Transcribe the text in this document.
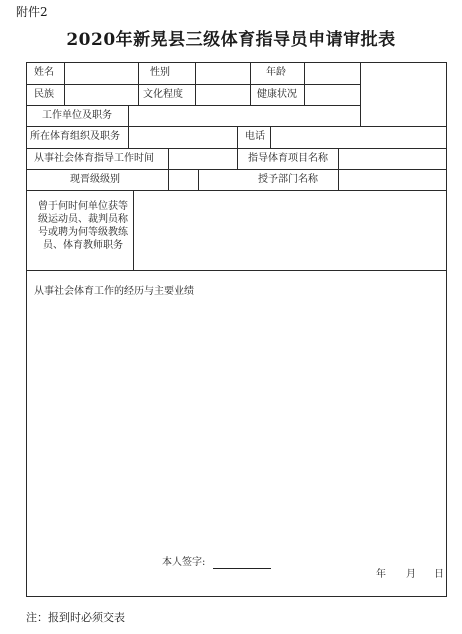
附件2
2020年新晃县三级体育指导员申请审批表
姓名	性别	年龄
民族	文化程度	健康状况
工作单位及职务
所在体育组织及职务	电话
从事社会体育指导工作时间	指导体育项目名称
现晋级级别	授予部门名称
曾于何时何单位获等级运动员、裁判员称号或聘为何等级教练员、体育教师职务
从事社会体育工作的经历与主要业绩
本人签字:
年 月 日
注：报到时必须交表
